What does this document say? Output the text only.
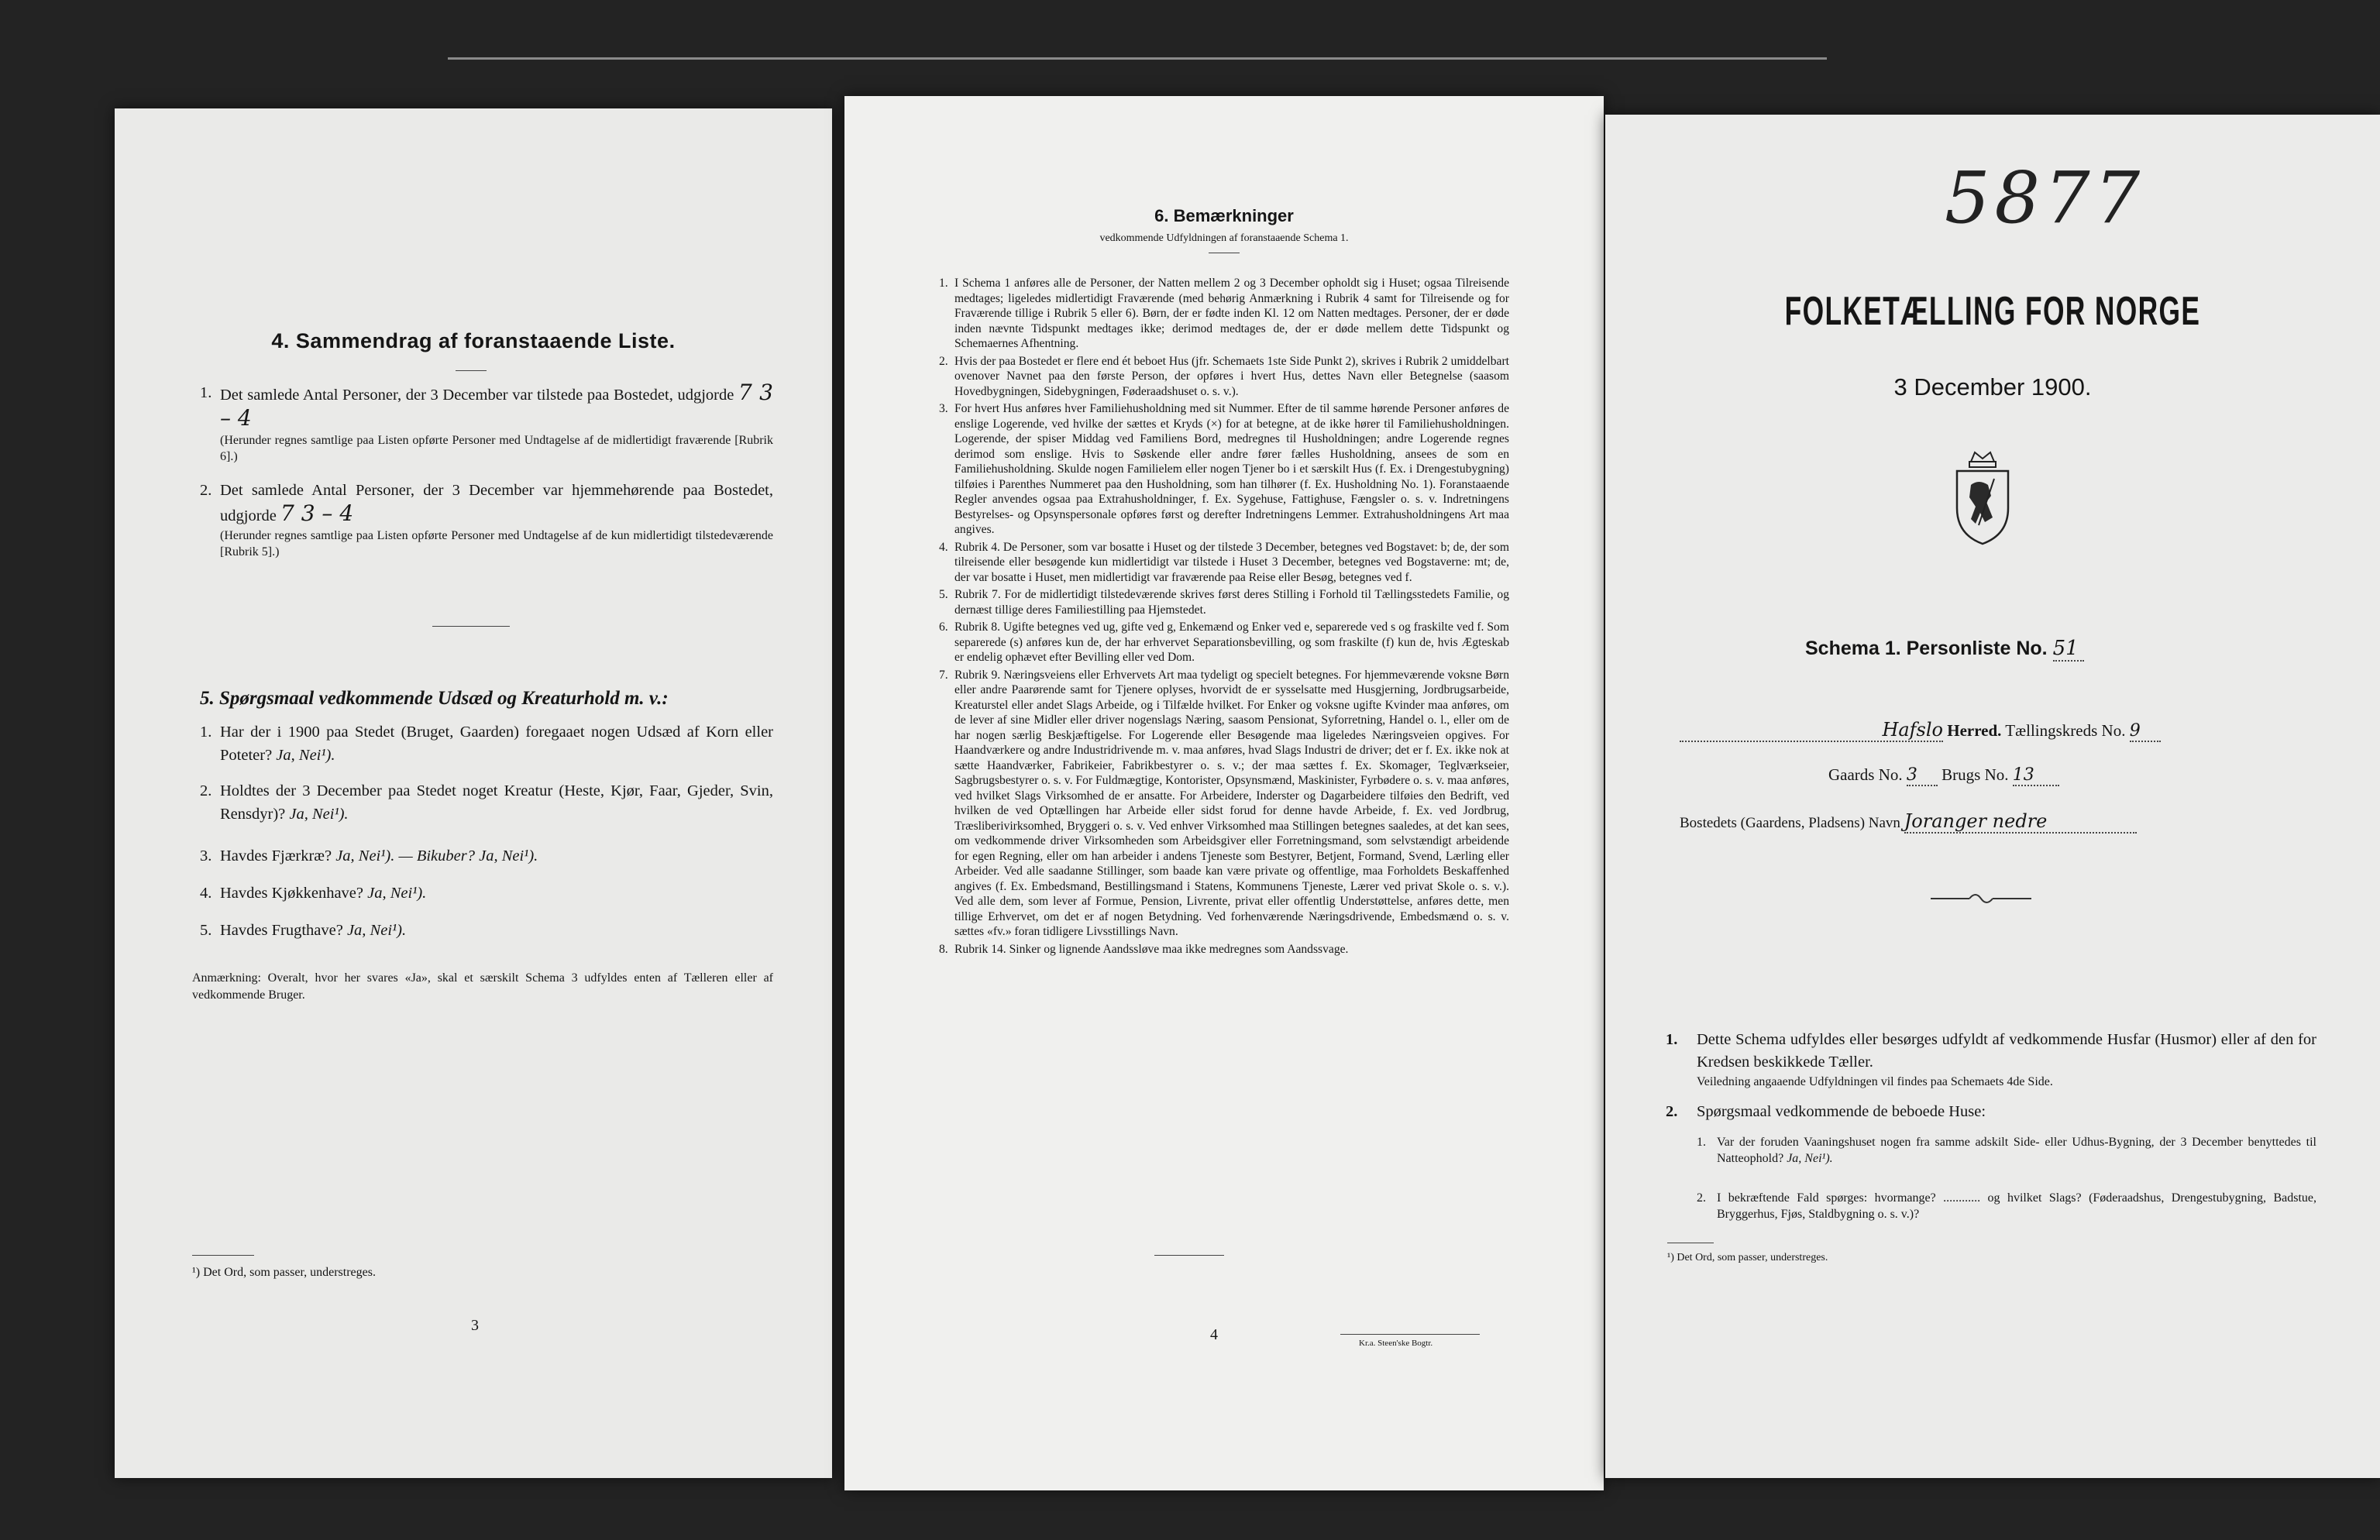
4. Sammendrag af foranstaaende Liste.
1. Det samlede Antal Personer, der 3 December var tilstede paa Bostedet, udgjorde 7 3 – 4
(Herunder regnes samtlige paa Listen opførte Personer med Undtagelse af de midlertidigt fraværende [Rubrik 6].)
2. Det samlede Antal Personer, der 3 December var hjemmehørende paa Bostedet, udgjorde 7 3 – 4
(Herunder regnes samtlige paa Listen opførte Personer med Undtagelse af de kun midlertidigt tilstedeværende [Rubrik 5].)
5. Spørgsmaal vedkommende Udsæd og Kreaturhold m. v.:
1. Har der i 1900 paa Stedet (Bruget, Gaarden) foregaaet nogen Udsæd af Korn eller Poteter? Ja, Nei¹).
2. Holdtes der 3 December paa Stedet noget Kreatur (Heste, Kjør, Faar, Gjeder, Svin, Rensdyr)? Ja, Nei¹).
3. Havdes Fjærkræ? Ja, Nei¹). — Bikuber? Ja, Nei¹).
4. Havdes Kjøkkenhave? Ja, Nei¹).
5. Havdes Frugthave? Ja, Nei¹).
Anmærkning: Overalt, hvor her svares «Ja», skal et særskilt Schema 3 udfyldes enten af Tælleren eller af vedkommende Bruger.
¹) Det Ord, som passer, understreges.
3
6. Bemærkninger
vedkommende Udfyldningen af foranstaaende Schema 1.
1. I Schema 1 anføres alle de Personer, der Natten mellem 2 og 3 December opholdt sig i Huset; ogsaa Tilreisende medtages; ligeledes midlertidigt Fraværende (med behørig Anmærkning i Rubrik 4 samt for Tilreisende og for Fraværende tillige i Rubrik 5 eller 6). Børn, der er fødte inden Kl. 12 om Natten medtages. Personer, der er døde inden nævnte Tidspunkt medtages ikke; derimod medtages de, der er døde mellem dette Tidspunkt og Schemaernes Afhentning.
2. Hvis der paa Bostedet er flere end ét beboet Hus (jfr. Schemaets 1ste Side Punkt 2), skrives i Rubrik 2 umiddelbart ovenover Navnet paa den første Person, der opføres i hvert Hus, dettes Navn eller Betegnelse (saasom Hovedbygningen, Sidebygningen, Føderaadshuset o. s. v.).
3. For hvert Hus anføres hver Familiehusholdning med sit Nummer. Efter de til samme hørende Personer anføres de enslige Logerende, ved hvilke der sættes et Kryds (×) for at betegne, at de ikke hører til Familiehusholdningen. Logerende, der spiser Middag ved Familiens Bord, medregnes til Husholdningen; andre Logerende regnes derimod som enslige. Hvis to Søskende eller andre fører fælles Husholdning, ansees de som en Familiehusholdning. Skulde nogen Familielem eller nogen Tjener bo i et særskilt Hus (f. Ex. i Drengestubygning) tilføies i Parenthes Nummeret paa den Husholdning, som han tilhører (f. Ex. Husholdning No. 1). Foranstaaende Regler anvendes ogsaa paa Extrahusholdninger, f. Ex. Sygehuse, Fattighuse, Fængsler o. s. v. Indretningens Bestyrelses- og Opsynspersonale opføres først og derefter Indretningens Lemmer. Extrahusholdningens Art maa angives.
4. Rubrik 4. De Personer, som var bosatte i Huset og der tilstede 3 December, betegnes ved Bogstavet: b; de, der som tilreisende eller besøgende kun midlertidigt var tilstede i Huset 3 December, betegnes ved Bogstaverne: mt; de, der var bosatte i Huset, men midlertidigt var fraværende paa Reise eller Besøg, betegnes ved f.
5. Rubrik 7. For de midlertidigt tilstedeværende skrives først deres Stilling i Forhold til Tællingsstedets Familie, og dernæst tillige deres Familiestilling paa Hjemstedet.
6. Rubrik 8. Ugifte betegnes ved ug, gifte ved g, Enkemænd og Enker ved e, separerede ved s og fraskilte ved f. Som separerede (s) anføres kun de, der har erhvervet Separationsbevilling, og som fraskilte (f) kun de, hvis Ægteskab er endelig ophævet efter Bevilling eller ved Dom.
7. Rubrik 9. Næringsveiens eller Erhvervets Art maa tydeligt og specielt betegnes. For hjemmeværende voksne Børn eller andre Paarørende samt for Tjenere oplyses, hvorvidt de er sysselsatte med Husgjerning, Jordbrugsarbeide, Kreaturstel eller andet Slags Arbeide, og i Tilfælde hvilket. For Enker og voksne ugifte Kvinder maa anføres, om de lever af sine Midler eller driver nogenslags Næring, saasom Pensionat, Syforretning, Handel o. l., eller om de har nogen særlig Beskjæftigelse. For Logerende eller Besøgende maa ligeledes Næringsveien opgives. For Haandværkere og andre Industridrivende m. v. maa anføres, hvad Slags Industri de driver; det er f. Ex. ikke nok at sætte Haandværker, Fabrikeier, Fabrikbestyrer o. s. v.; der maa sættes f. Ex. Skomager, Teglværkseier, Sagbrugsbestyrer o. s. v. For Fuldmægtige, Kontorister, Opsynsmænd, Maskinister, Fyrbødere o. s. v. maa anføres, ved hvilket Slags Virksomhed de er ansatte. For Arbeidere, Inderster og Dagarbeidere tilføies den Bedrift, ved hvilken de ved Optællingen har Arbeide eller sidst forud for denne havde Arbeide, f. Ex. ved Jordbrug, Træsliberivirksomhed, Bryggeri o. s. v. Ved enhver Virksomhed maa Stillingen betegnes saaledes, at det kan sees, om vedkommende driver Virksomheden som Arbeidsgiver eller Forretningsmand, som selvstændigt arbeidende for egen Regning, eller om han arbeider i andens Tjeneste som Bestyrer, Betjent, Formand, Svend, Lærling eller Arbeider. Ved alle saadanne Stillinger, som baade kan være private og offentlige, maa Forholdets Beskaffenhed angives (f. Ex. Embedsmand, Bestillingsmand i Statens, Kommunens Tjeneste, Lærer ved privat Skole o. s. v.). Ved alle dem, som lever af Formue, Pension, Livrente, privat eller offentlig Understøttelse, anføres dette, men tillige Erhvervet, om det er af nogen Betydning. Ved forhenværende Næringsdrivende, Embedsmænd o. s. v. sættes «fv.» foran tidligere Livsstillings Navn.
8. Rubrik 14. Sinker og lignende Aandssløve maa ikke medregnes som Aandssvage.
4	Kr.a. Steen'ske Bogtr.
5877
FOLKETÆLLING FOR NORGE
3 December 1900.
Schema 1. Personliste No. 51
Hafslo Herred. Tællingskreds No. 9
Gaards No. 3 Brugs No. 13
Bostedets (Gaardens, Pladsens) Navn Joranger nedre
1. Dette Schema udfyldes eller besørges udfyldt af vedkommende Husfar (Husmor) eller af den for Kredsen beskikkede Tæller.
Veiledning angaaende Udfyldningen vil findes paa Schemaets 4de Side.
2. Spørgsmaal vedkommende de beboede Huse:
1. Var der foruden Vaaningshuset nogen fra samme adskilt Side- eller Udhus-Bygning, der 3 December benyttedes til Natteophold? Ja, Nei¹).
2. I bekræftende Fald spørges: hvormange? ............ og hvilket Slags? (Føderaadshus, Drengestubygning, Badstue, Bryggerhus, Fjøs, Staldbygning o. s. v.)?
¹) Det Ord, som passer, understreges.
